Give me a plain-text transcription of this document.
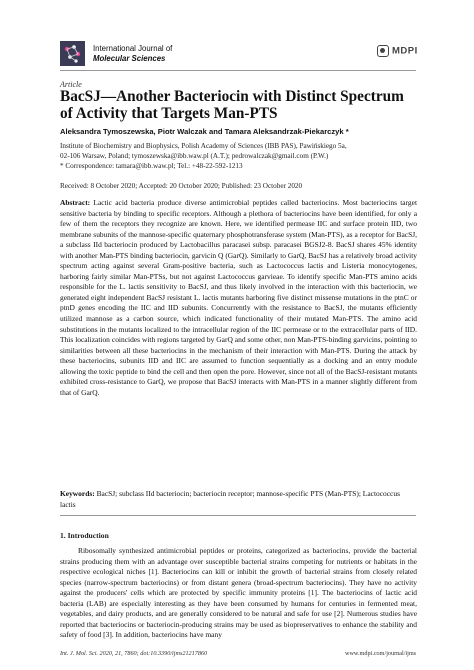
International Journal of
Molecular Sciences
MDPI
Article
BacSJ—Another Bacteriocin with Distinct Spectrum of Activity that Targets Man-PTS
Aleksandra Tymoszewska, Piotr Walczak and Tamara Aleksandrzak-Piekarczyk *
Institute of Biochemistry and Biophysics, Polish Academy of Sciences (IBB PAS), Pawińskiego 5a,
02-106 Warsaw, Poland; tymoszewska@ibb.waw.pl (A.T.); pedrowalczak@gmail.com (P.W.)
* Correspondence: tamara@ibb.waw.pl; Tel.: +48-22-592-1213
Received: 8 October 2020; Accepted: 20 October 2020; Published: 23 October 2020
Abstract: Lactic acid bacteria produce diverse antimicrobial peptides called bacteriocins. Most bacteriocins target sensitive bacteria by binding to specific receptors. Although a plethora of bacteriocins have been identified, for only a few of them the receptors they recognize are known. Here, we identified permease IIC and surface protein IID, two membrane subunits of the mannose-specific quaternary phosphotransferase system (Man-PTS), as a receptor for BacSJ, a subclass IId bacteriocin produced by Lactobacillus paracasei subsp. paracasei BGSJ2-8. BacSJ shares 45% identity with another Man-PTS binding bacteriocin, garvicin Q (GarQ). Similarly to GarQ, BacSJ has a relatively broad activity spectrum acting against several Gram-positive bacteria, such as Lactococcus lactis and Listeria monocytogenes, harboring fairly similar Man-PTSs, but not against Lactococcus garvieae. To identify specific Man-PTS amino acids responsible for the L. lactis sensitivity to BacSJ, and thus likely involved in the interaction with this bacteriocin, we generated eight independent BacSJ resistant L. lactis mutants harboring five distinct missense mutations in the ptnC or ptnD genes encoding the IIC and IID subunits. Concurrently with the resistance to BacSJ, the mutants efficiently utilized mannose as a carbon source, which indicated functionality of their mutated Man-PTS. The amino acid substitutions in the mutants localized to the intracellular region of the IIC permease or to the extracellular parts of IID. This localization coincides with regions targeted by GarQ and some other, non Man-PTS-binding garvicins, pointing to similarities between all these bacteriocins in the mechanism of their interaction with Man-PTS. During the attack by these bacteriocins, subunits IID and IIC are assumed to function sequentially as a docking and an entry module allowing the toxic peptide to bind the cell and then open the pore. However, since not all of the BacSJ-resistant mutants exhibited cross-resistance to GarQ, we propose that BacSJ interacts with Man-PTS in a manner slightly different from that of GarQ.
Keywords: BacSJ; subclass IId bacteriocin; bacteriocin receptor; mannose-specific PTS (Man-PTS); Lactococcus lactis
1. Introduction
Ribosomally synthesized antimicrobial peptides or proteins, categorized as bacteriocins, provide the bacterial strains producing them with an advantage over susceptible bacterial strains competing for nutrients or habitats in the respective ecological niches [1]. Bacteriocins can kill or inhibit the growth of bacterial strains from closely related species (narrow-spectrum bacteriocins) or from distant genera (broad-spectrum bacteriocins). They have no activity against the producers' cells which are protected by specific immunity proteins [1]. The bacteriocins of lactic acid bacteria (LAB) are especially interesting as they have been consumed by humans for centuries in fermented meat, vegetables, and dairy products, and are generally considered to be natural and safe for use [2]. Numerous studies have reported that bacteriocins or bacteriocin-producing strains may be used as biopreservatives to enhance the stability and safety of food [3]. In addition, bacteriocins have many
Int. J. Mol. Sci. 2020, 21, 7860; doi:10.3390/ijms21217860	www.mdpi.com/journal/ijms
